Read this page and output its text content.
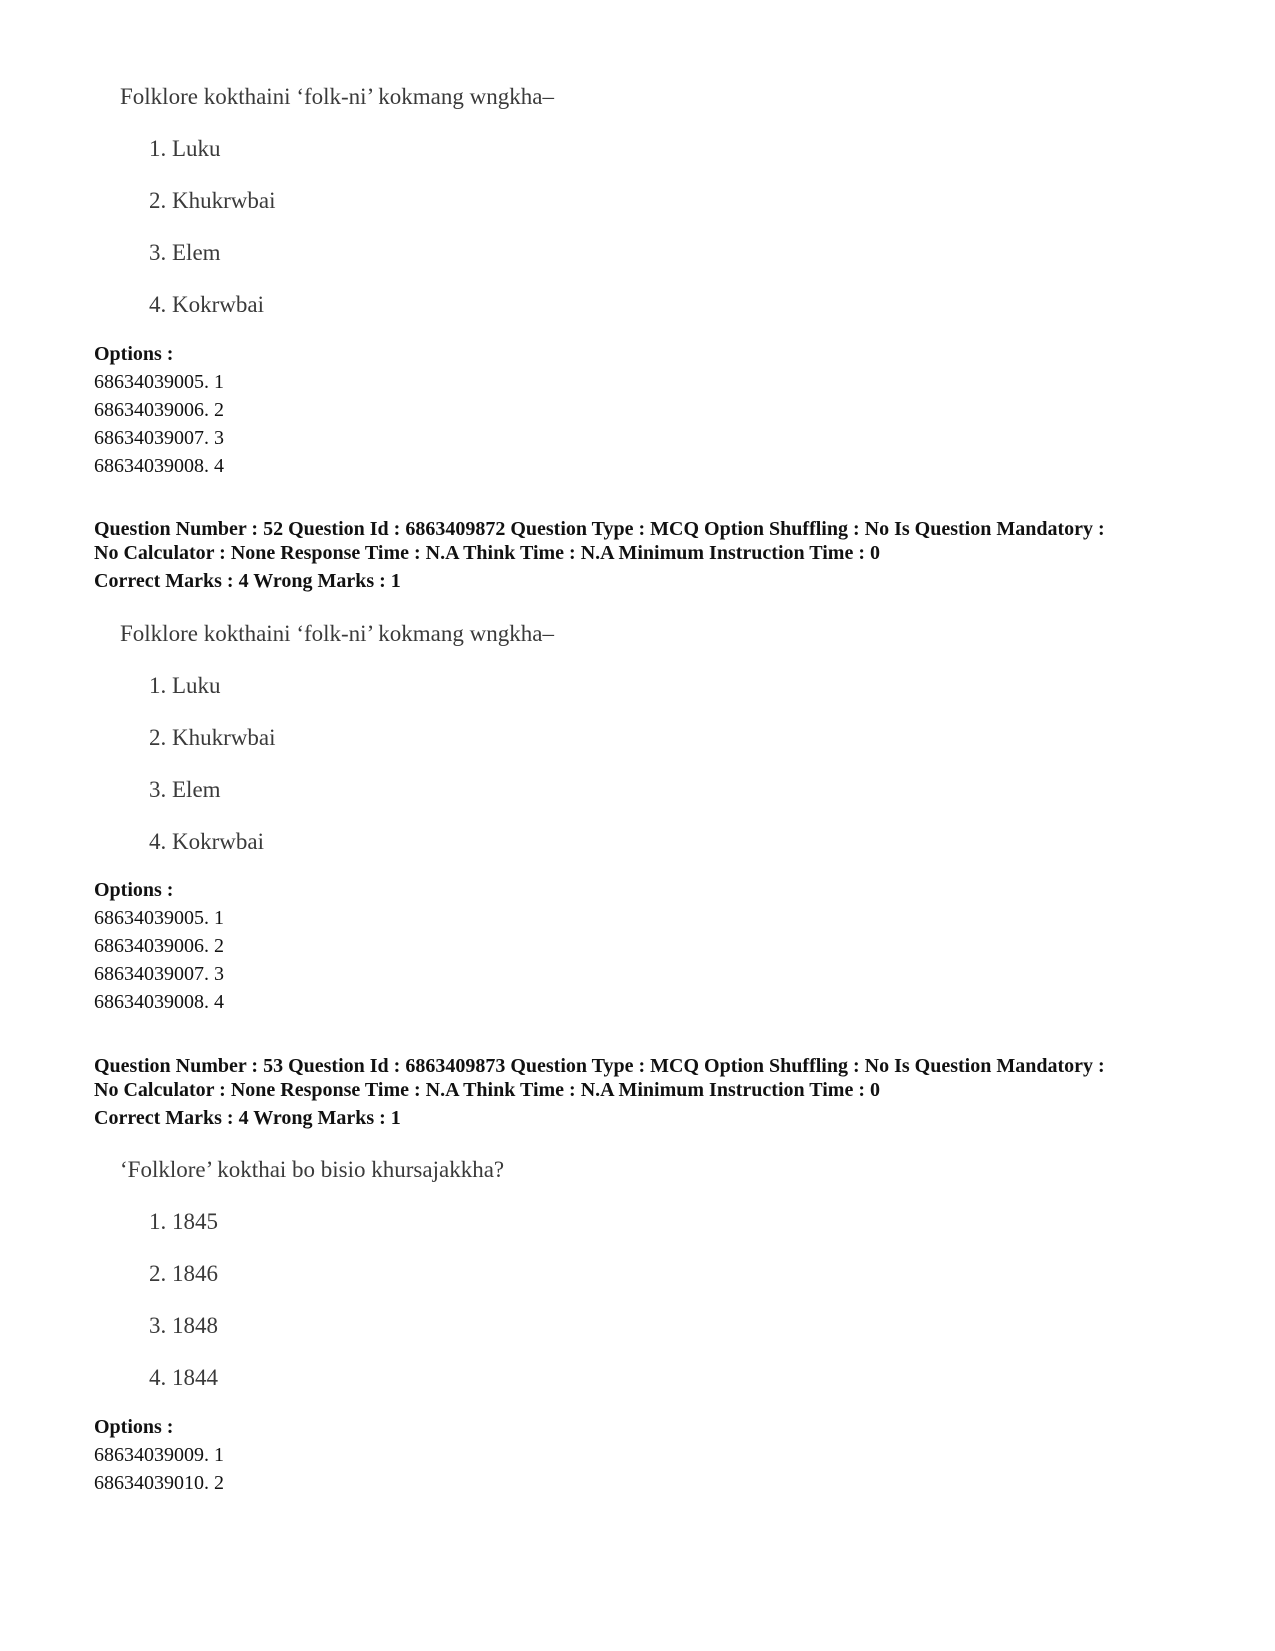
Folklore kokthaini ‘folk-ni’ kokmang wngkha–
1. Luku
2. Khukrwbai
3. Elem
4. Kokrwbai
Options :
68634039005. 1
68634039006. 2
68634039007. 3
68634039008. 4
Question Number : 52 Question Id : 6863409872 Question Type : MCQ Option Shuffling : No Is Question Mandatory :
No Calculator : None Response Time : N.A Think Time : N.A Minimum Instruction Time : 0
Correct Marks : 4 Wrong Marks : 1
Folklore kokthaini ‘folk-ni’ kokmang wngkha–
1. Luku
2. Khukrwbai
3. Elem
4. Kokrwbai
Options :
68634039005. 1
68634039006. 2
68634039007. 3
68634039008. 4
Question Number : 53 Question Id : 6863409873 Question Type : MCQ Option Shuffling : No Is Question Mandatory :
No Calculator : None Response Time : N.A Think Time : N.A Minimum Instruction Time : 0
Correct Marks : 4 Wrong Marks : 1
‘Folklore’ kokthai bo bisio khursajakkha?
1. 1845
2. 1846
3. 1848
4. 1844
Options :
68634039009. 1
68634039010. 2
